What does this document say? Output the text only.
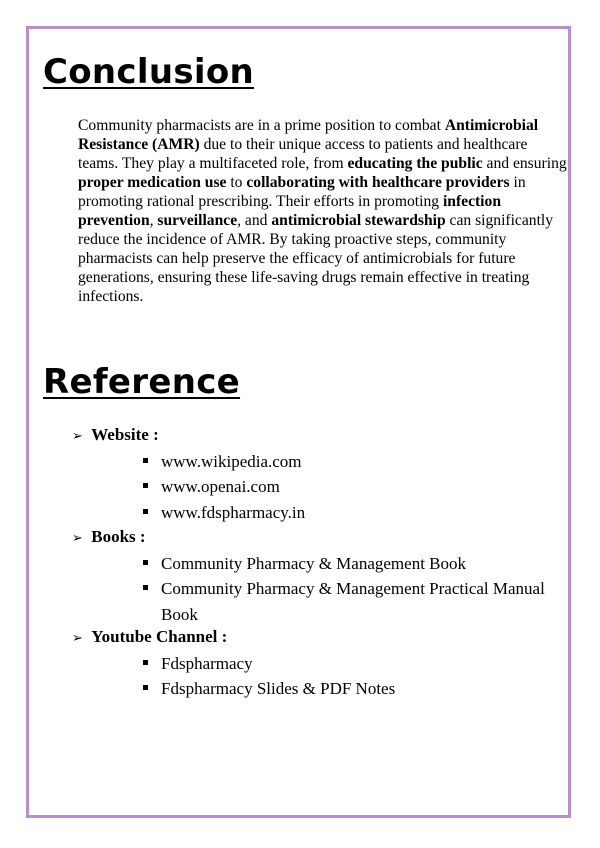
Conclusion

Community pharmacists are in a prime position to combat Antimicrobial Resistance (AMR) due to their unique access to patients and healthcare teams. They play a multifaceted role, from educating the public and ensuring proper medication use to collaborating with healthcare providers in promoting rational prescribing. Their efforts in promoting infection prevention, surveillance, and antimicrobial stewardship can significantly reduce the incidence of AMR. By taking proactive steps, community pharmacists can help preserve the efficacy of antimicrobials for future generations, ensuring these life-saving drugs remain effective in treating infections.

Reference
➢ Website :
www.wikipedia.com
www.openai.com
www.fdspharmacy.in
➢ Books :
Community Pharmacy & Management Book
Community Pharmacy & Management Practical Manual Book
➢ Youtube Channel :
Fdspharmacy
Fdspharmacy Slides & PDF Notes
